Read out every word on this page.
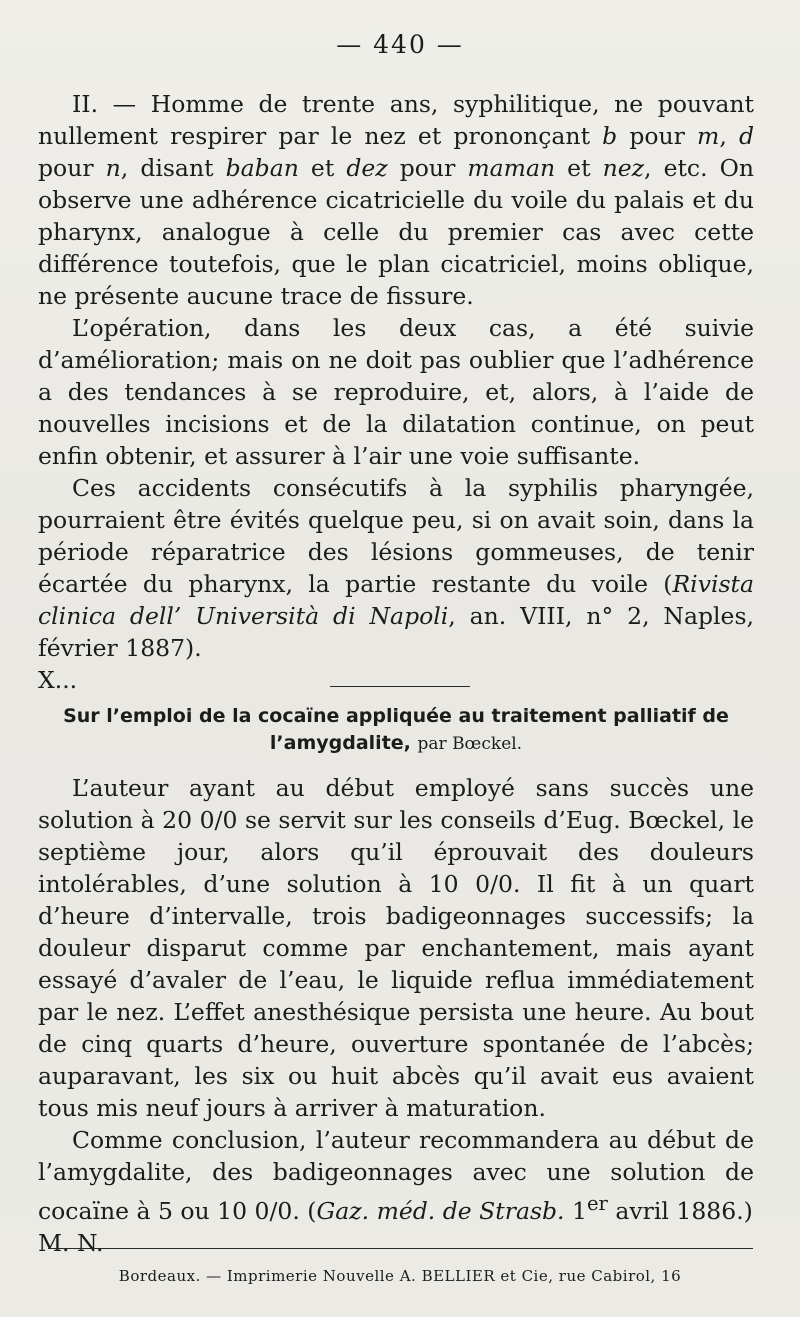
— 440 —

II. — Homme de trente ans, syphilitique, ne pouvant nullement respirer par le nez et prononçant b pour m, d pour n, disant baban et dez pour maman et nez, etc. On observe une adhérence cicatricielle du voile du palais et du pharynx, analogue à celle du premier cas avec cette différence toutefois, que le plan cicatriciel, moins oblique, ne présente aucune trace de fissure.

L’opération, dans les deux cas, a été suivie d’amélioration; mais on ne doit pas oublier que l’adhérence a des tendances à se reproduire, et, alors, à l’aide de nouvelles incisions et de la dilatation continue, on peut enfin obtenir, et assurer à l’air une voie suffisante.

Ces accidents consécutifs à la syphilis pharyngée, pourraient être évités quelque peu, si on avait soin, dans la période réparatrice des lésions gommeuses, de tenir écartée du pharynx, la partie restante du voile (Rivista clinica dell’ Università di Napoli, an. VIII, n° 2, Naples, février 1887).

X...

Sur l’emploi de la cocaïne appliquée au traitement palliatif de l’amygdalite, par Bœckel.

L’auteur ayant au début employé sans succès une solution à 20 0/0 se servit sur les conseils d’Eug. Bœckel, le septième jour, alors qu’il éprouvait des douleurs intolérables, d’une solution à 10 0/0. Il fit à un quart d’heure d’intervalle, trois badigeonnages successifs; la douleur disparut comme par enchantement, mais ayant essayé d’avaler de l’eau, le liquide reflua immédiatement par le nez. L’effet anesthésique persista une heure. Au bout de cinq quarts d’heure, ouverture spontanée de l’abcès; auparavant, les six ou huit abcès qu’il avait eus avaient tous mis neuf jours à arriver à maturation.

Comme conclusion, l’auteur recommandera au début de l’amygdalite, des badigeonnages avec une solution de cocaïne à 5 ou 10 0/0. (Gaz. méd. de Strasb. 1er avril 1886.)

M. N.

Bordeaux. — Imprimerie Nouvelle A. BELLIER et Cie, rue Cabirol, 16
